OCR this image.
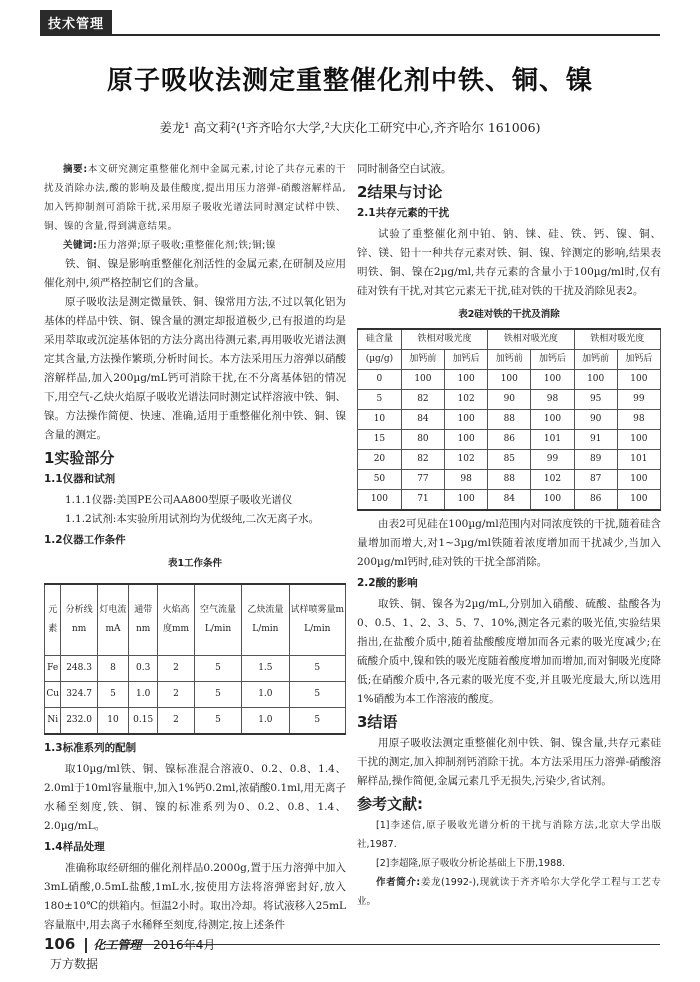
技术管理
原子吸收法测定重整催化剂中铁、铜、镍
姜龙¹ 高文莉²(¹齐齐哈尔大学,²大庆化工研究中心,齐齐哈尔 161006)

摘要:本文研究测定重整催化剂中金属元素,讨论了共存元素的干扰及消除办法,酸的影响及最佳酸度,提出用压力溶弹-硝酸溶解样品,加入钙抑制剂可消除干扰,采用原子吸收光谱法同时测定试样中铁、铜、镍的含量,得到满意结果。

关键词:压力溶弹;原子吸收;重整催化剂;铁;铜;镍

铁、铜、镍是影响重整催化剂活性的金属元素,在研制及应用催化剂中,须严格控制它们的含量。

原子吸收法是测定微量铁、铜、镍常用方法,不过以氧化铝为基体的样品中铁、铜、镍含量的测定却报道极少,已有报道的均是采用萃取或沉淀基体铝的方法分离出待测元素,再用吸收光谱法测定其含量,方法操作繁琐,分析时间长。本方法采用压力溶弹以硝酸溶解样品,加入200µg/mL钙可消除干扰,在不分离基体铝的情况下,用空气-乙炔火焰原子吸收光谱法同时测定试样溶液中铁、铜、镍。方法操作简便、快速、准确,适用于重整催化剂中铁、铜、镍含量的测定。

1实验部分
1.1仪器和试剂

1.1.1仪器:美国PE公司AA800型原子吸收光谱仪

1.1.2试剂:本实验所用试剂均为优级纯,二次无离子水。

1.2仪器工作条件
表1工作条件
元素	分析线 nm	灯电流 mA	通带 nm	火焰高度mm	空气流量 L/min	乙炔流量 L/min	试样喷雾量m L/min
Fe	248.3	8	0.3	2	5	1.5	5
Cu	324.7	5	1.0	2	5	1.0	5
Ni	232.0	10	0.15	2	5	1.0	5
1.3标准系列的配制

取10µg/ml铁、铜、镍标准混合溶液0、0.2、0.8、1.4、2.0ml于10ml容量瓶中,加入1%钙0.2ml,浓硝酸0.1ml,用无离子水稀至刻度,铁、铜、镍的标准系列为0、0.2、0.8、1.4、2.0µg/mL。

1.4样品处理

准确称取经研细的催化剂样品0.2000g,置于压力溶弹中加入3mL硝酸,0.5mL盐酸,1mL水,按使用方法将溶弹密封好,放入180±10℃的烘箱内。恒温2小时。取出冷却。将试液移入25mL容量瓶中,用去离子水稀释至刻度,待测定,按上述条件

同时制备空白试液。

2结果与讨论
2.1共存元素的干扰

试验了重整催化剂中铂、钠、铼、硅、铁、钙、镍、铜、锌、镁、铅十一种共存元素对铁、铜、镍、锌测定的影响,结果表明铁、铜、镍在2µg/ml,共存元素的含量小于100µg/ml时,仅有硅对铁有干扰,对其它元素无干扰,硅对铁的干扰及消除见表2。

表2硅对铁的干扰及消除
硅含量	铁相对吸光度		铁相对吸光度		铁相对吸光度	
(µg/g)	加钙前	加钙后	加钙前	加钙后	加钙前	加钙后
0	100	100	100	100	100	100
5	82	102	90	98	95	99
10	84	100	88	100	90	98
15	80	100	86	101	91	100
20	82	102	85	99	89	101
50	77	98	88	102	87	100
100	71	100	84	100	86	100

由表2可见硅在100µg/ml范围内对同浓度铁的干扰,随着硅含量增加而增大,对1~3µg/ml铁随着浓度增加而干扰减少,当加入200µg/ml钙时,硅对铁的干扰全部消除。

2.2酸的影响

取铁、铜、镍各为2µg/mL,分别加入硝酸、硫酸、盐酸各为0、0.5、1、2、3、5、7、10%,测定各元素的吸光值,实验结果指出,在盐酸介质中,随着盐酸酸度增加而各元素的吸光度减少;在硫酸介质中,镍和铁的吸光度随着酸度增加而增加,而对铜吸光度降低;在硝酸介质中,各元素的吸光度不变,并且吸光度最大,所以选用1%硝酸为本工作溶液的酸度。

3结语

用原子吸收法测定重整催化剂中铁、铜、镍含量,共存元素硅干扰的测定,加入抑制剂钙消除干扰。本方法采用压力溶弹-硝酸溶解样品,操作简便,金属元素几乎无损失,污染少,省试剂。

参考文献:

[1]李述信,原子吸收光谱分析的干扰与消除方法,北京大学出版社,1987.

[2]李超隆,原子吸收分析论基础上下册,1988.

作者简介:姜龙(1992-),现就读于齐齐哈尔大学化学工程与工艺专业。

106 化工管理 2016年4月
万方数据
